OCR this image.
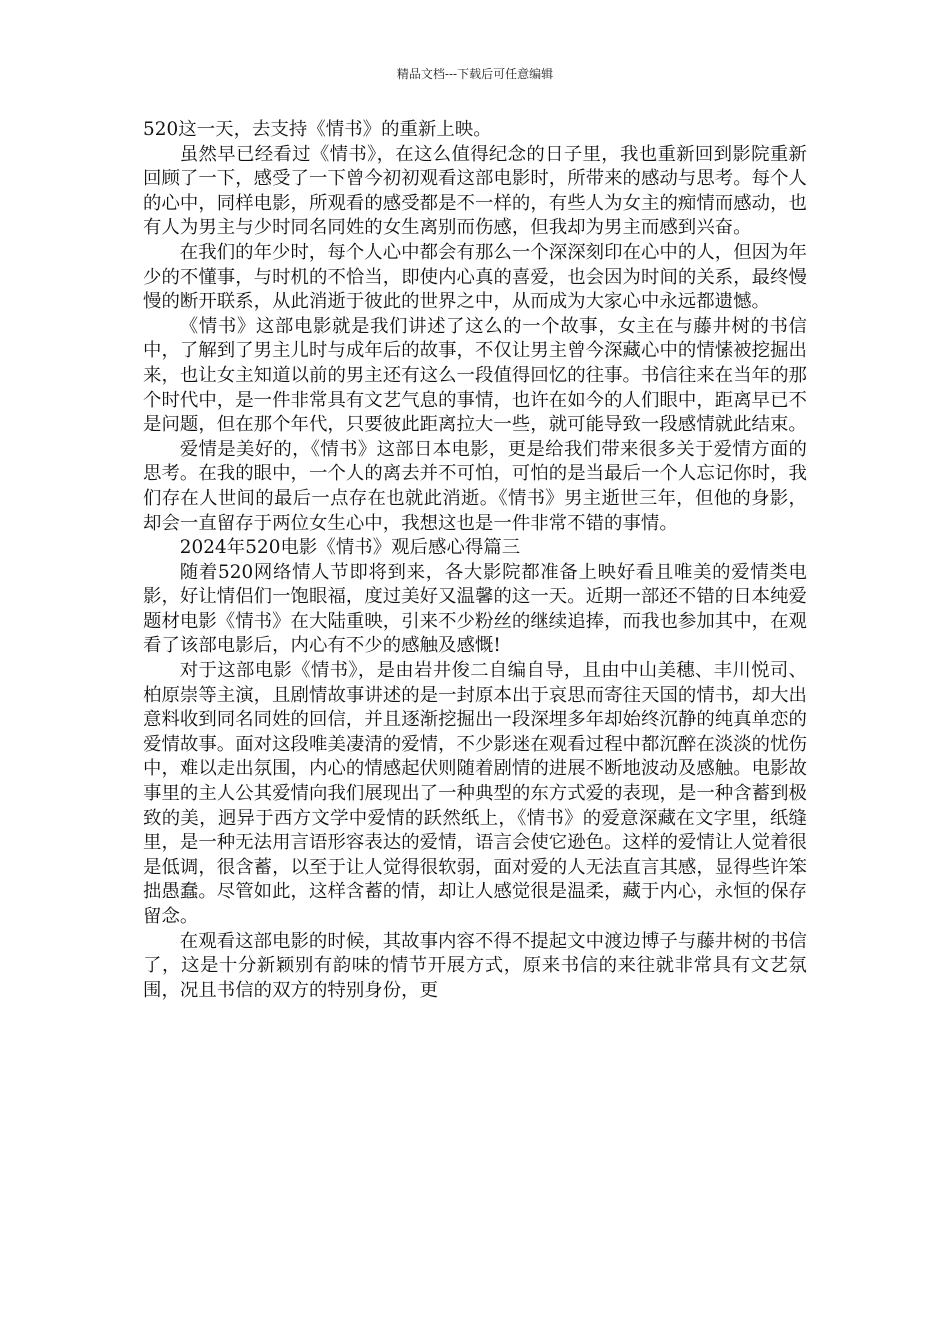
精品文档---下载后可任意编辑

520这一天，去支持《情书》的重新上映。

虽然早已经看过《情书》，在这么值得纪念的日子里，我也重新回到影院重新回顾了一下，感受了一下曾今初初观看这部电影时，所带来的感动与思考。每个人的心中，同样电影，所观看的感受都是不一样的，有些人为女主的痴情而感动，也有人为男主与少时同名同姓的女生离别而伤感，但我却为男主而感到兴奋。

在我们的年少时，每个人心中都会有那么一个深深刻印在心中的人，但因为年少的不懂事，与时机的不恰当，即使内心真的喜爱，也会因为时间的关系，最终慢慢的断开联系，从此消逝于彼此的世界之中，从而成为大家心中永远都遗憾。

《情书》这部电影就是我们讲述了这么的一个故事，女主在与藤井树的书信中，了解到了男主儿时与成年后的故事，不仅让男主曾今深藏心中的情愫被挖掘出来，也让女主知道以前的男主还有这么一段值得回忆的往事。书信往来在当年的那个时代中，是一件非常具有文艺气息的事情，也许在如今的人们眼中，距离早已不是问题，但在那个年代，只要彼此距离拉大一些，就可能导致一段感情就此结束。

爱情是美好的，《情书》这部日本电影，更是给我们带来很多关于爱情方面的思考。在我的眼中，一个人的离去并不可怕，可怕的是当最后一个人忘记你时，我们存在人世间的最后一点存在也就此消逝。《情书》男主逝世三年，但他的身影，却会一直留存于两位女生心中，我想这也是一件非常不错的事情。

2024年520电影《情书》观后感心得篇三

随着520网络情人节即将到来，各大影院都准备上映好看且唯美的爱情类电影，好让情侣们一饱眼福，度过美好又温馨的这一天。近期一部还不错的日本纯爱题材电影《情书》在大陆重映，引来不少粉丝的继续追捧，而我也参加其中，在观看了该部电影后，内心有不少的感触及感慨!

对于这部电影《情书》，是由岩井俊二自编自导，且由中山美穗、丰川悦司、柏原崇等主演，且剧情故事讲述的是一封原本出于哀思而寄往天国的情书，却大出意料收到同名同姓的回信，并且逐渐挖掘出一段深埋多年却始终沉静的纯真单恋的爱情故事。面对这段唯美凄清的爱情，不少影迷在观看过程中都沉醉在淡淡的忧伤中，难以走出氛围，内心的情感起伏则随着剧情的进展不断地波动及感触。电影故事里的主人公其爱情向我们展现出了一种典型的东方式爱的表现，是一种含蓄到极致的美，迥异于西方文学中爱情的跃然纸上，《情书》的爱意深藏在文字里，纸缝里，是一种无法用言语形容表达的爱情，语言会使它逊色。这样的爱情让人觉着很是低调，很含蓄，以至于让人觉得很软弱，面对爱的人无法直言其感，显得些许笨拙愚蠢。尽管如此，这样含蓄的情，却让人感觉很是温柔，藏于内心，永恒的保存留念。

在观看这部电影的时候，其故事内容不得不提起文中渡边博子与藤井树的书信了，这是十分新颖别有韵味的情节开展方式，原来书信的来往就非常具有文艺氛围，况且书信的双方的特别身份，更
